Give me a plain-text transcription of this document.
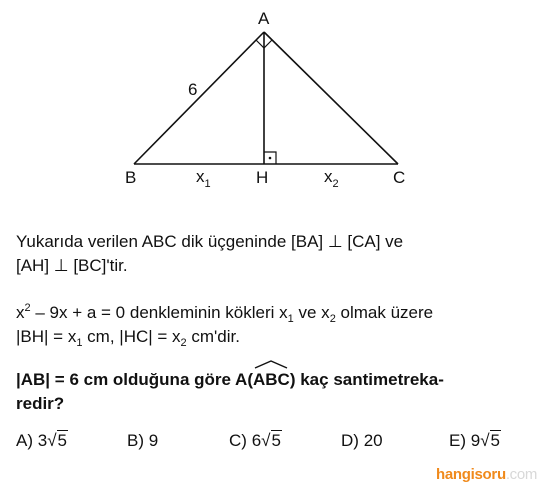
A
B	C
H
6
$x_1$	$x_2$
Yukarıda verilen ABC dik üçgeninde [BA] ⊥ [CA] ve
[AH] ⊥ [BC]'tir.
$x^2 - 9x + a = 0$ denkleminin kökleri $x_1$ ve $x_2$ olmak üzere
$|BH| = x_1$ cm, $|HC| = x_2$ cm'dir.
|AB| = 6 cm olduğuna göre A(
ABC) kaç santimetreka-
redir?
A) 3√5	B) 9	C) 6√5	D) 20	E) 9√5
hangisoru.com
